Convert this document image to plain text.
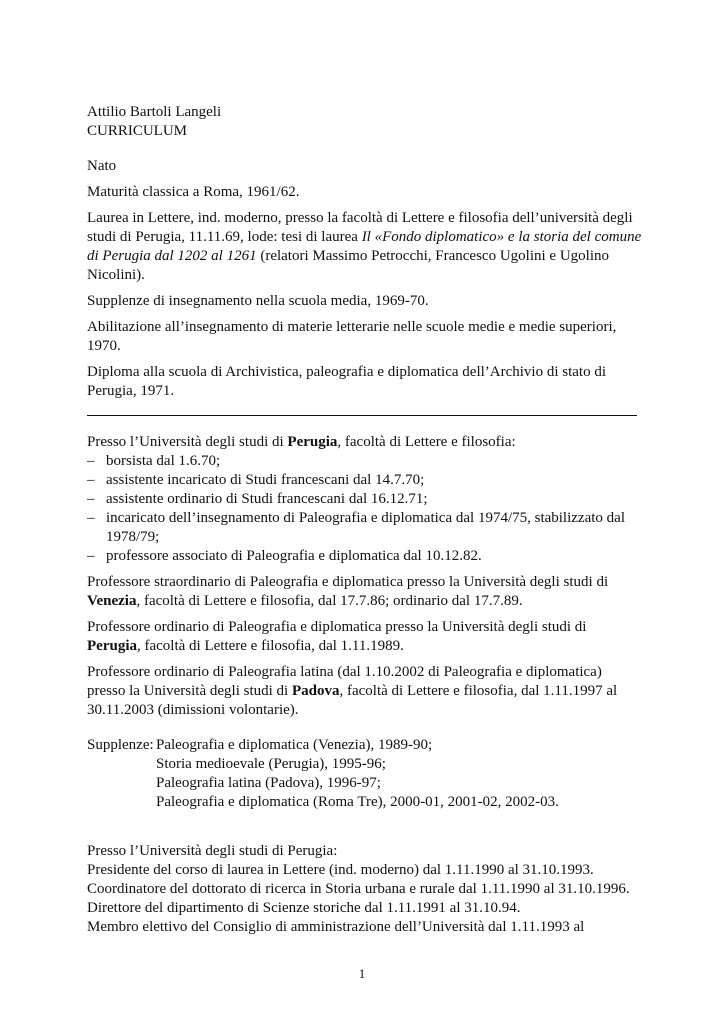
Attilio Bartoli Langeli

CURRICULUM

Nato

Maturità classica a Roma, 1961/62.

Laurea in Lettere, ind. moderno, presso la facoltà di Lettere e filosofia dell’università degli studi di Perugia, 11.11.69, lode: tesi di laurea Il «Fondo diplomatico» e la storia del comune di Perugia dal 1202 al 1261 (relatori Massimo Petrocchi, Francesco Ugolini e Ugolino Nicolini).

Supplenze di insegnamento nella scuola media, 1969-70.

Abilitazione all’insegnamento di materie letterarie nelle scuole medie e medie superiori, 1970.

Diploma alla scuola di Archivistica, paleografia e diplomatica dell’Archivio di stato di Perugia, 1971.

Presso l’Università degli studi di Perugia, facoltà di Lettere e filosofia:

– borsista dal 1.6.70;
– assistente incaricato di Studi francescani dal 14.7.70;
– assistente ordinario di Studi francescani dal 16.12.71;
– incaricato dell’insegnamento di Paleografia e diplomatica dal 1974/75, stabilizzato dal 1978/79;
– professore associato di Paleografia e diplomatica dal 10.12.82.

Professore straordinario di Paleografia e diplomatica presso la Università degli studi di Venezia, facoltà di Lettere e filosofia, dal 17.7.86; ordinario dal 17.7.89.

Professore ordinario di Paleografia e diplomatica presso la Università degli studi di Perugia, facoltà di Lettere e filosofia, dal 1.11.1989.

Professore ordinario di Paleografia latina (dal 1.10.2002 di Paleografia e diplomatica) presso la Università degli studi di Padova, facoltà di Lettere e filosofia, dal 1.11.1997 al 30.11.2003 (dimissioni volontarie).

Supplenze: Paleografia e diplomatica (Venezia), 1989-90;
Storia medioevale (Perugia), 1995-96;
Paleografia latina (Padova), 1996-97;
Paleografia e diplomatica (Roma Tre), 2000-01, 2001-02, 2002-03.
Presso l’Università degli studi di Perugia:
Presidente del corso di laurea in Lettere (ind. moderno) dal 1.11.1990 al 31.10.1993.
Coordinatore del dottorato di ricerca in Storia urbana e rurale dal 1.11.1990 al 31.10.1996.
Direttore del dipartimento di Scienze storiche dal 1.11.1991 al 31.10.94.
Membro elettivo del Consiglio di amministrazione dell’Università dal 1.11.1993 al
1
